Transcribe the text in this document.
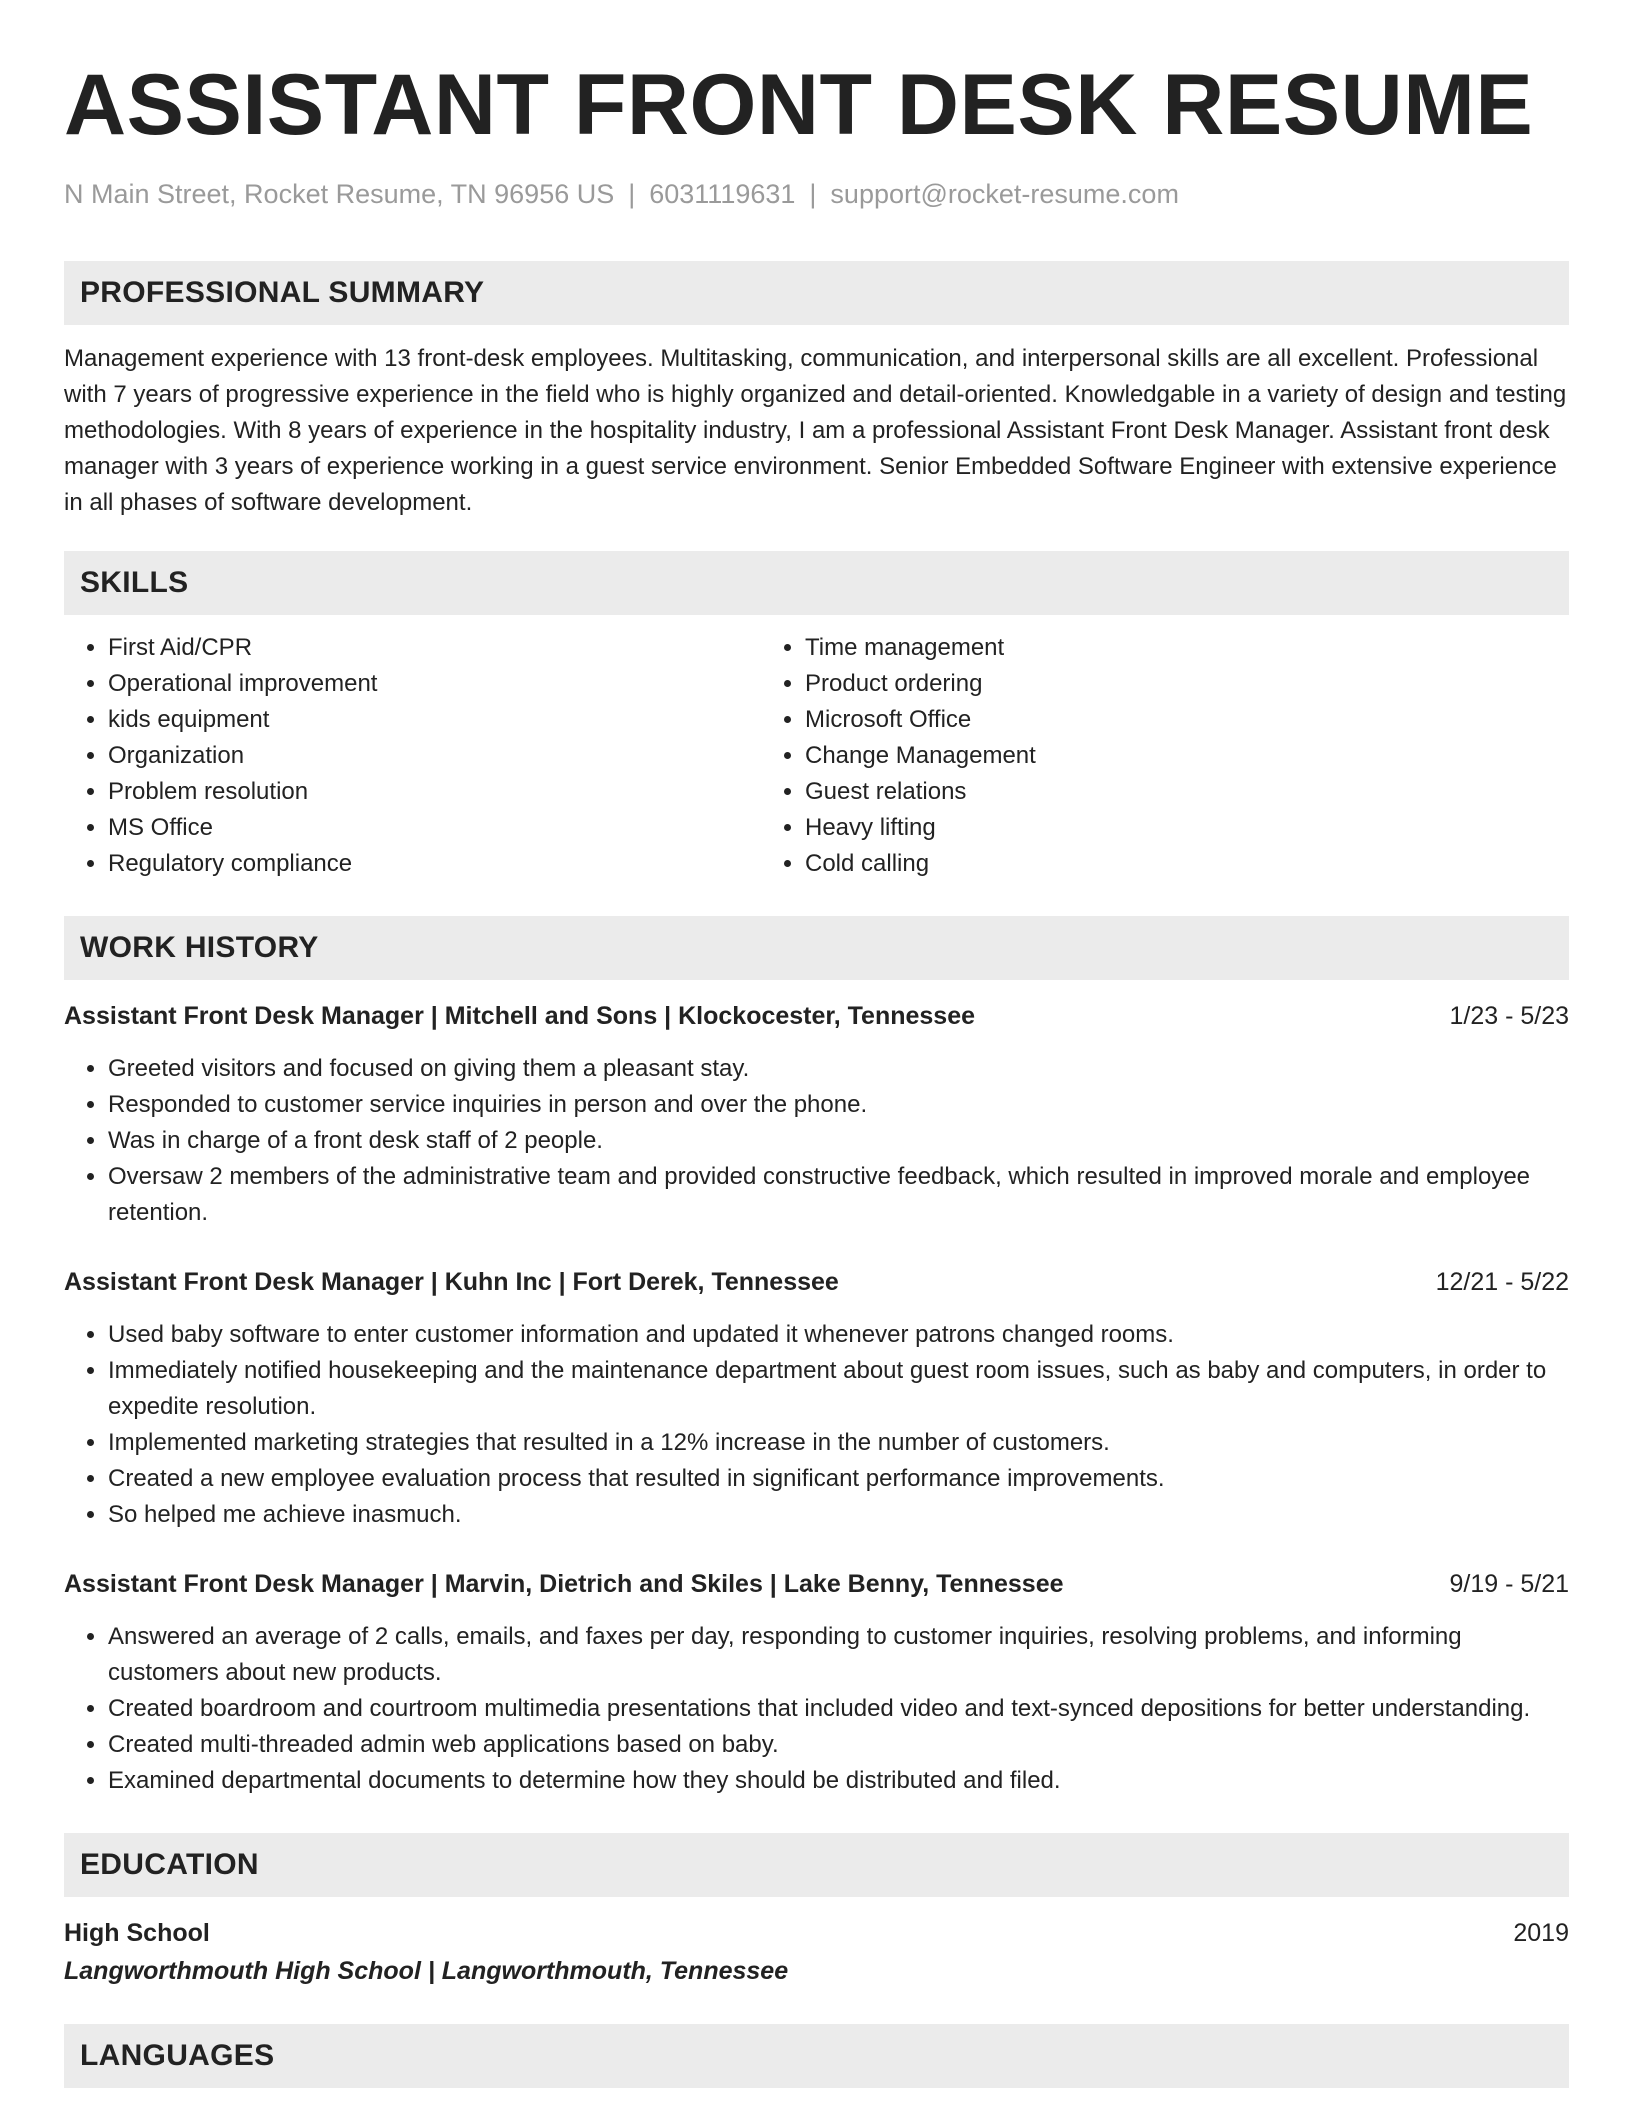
ASSISTANT FRONT DESK RESUME
N Main Street, Rocket Resume, TN 96956 US | 6031119631 | support@rocket-resume.com
PROFESSIONAL SUMMARY

Management experience with 13 front-desk employees. Multitasking, communication, and interpersonal skills are all excellent. Professional with 7 years of progressive experience in the field who is highly organized and detail-oriented. Knowledgable in a variety of design and testing methodologies. With 8 years of experience in the hospitality industry, I am a professional Assistant Front Desk Manager. Assistant front desk manager with 3 years of experience working in a guest service environment. Senior Embedded Software Engineer with extensive experience in all phases of software development.

SKILLS
• First Aid/CPR
• Operational improvement
• kids equipment
• Organization
• Problem resolution
• MS Office
• Regulatory compliance
• Time management
• Product ordering
• Microsoft Office
• Change Management
• Guest relations
• Heavy lifting
• Cold calling
WORK HISTORY
Assistant Front Desk Manager | Mitchell and Sons | Klockocester, Tennessee	1/23 - 5/23
• Greeted visitors and focused on giving them a pleasant stay.
• Responded to customer service inquiries in person and over the phone.
• Was in charge of a front desk staff of 2 people.
• Oversaw 2 members of the administrative team and provided constructive feedback, which resulted in improved morale and employee retention.
Assistant Front Desk Manager | Kuhn Inc | Fort Derek, Tennessee	12/21 - 5/22
• Used baby software to enter customer information and updated it whenever patrons changed rooms.
• Immediately notified housekeeping and the maintenance department about guest room issues, such as baby and computers, in order to expedite resolution.
• Implemented marketing strategies that resulted in a 12% increase in the number of customers.
• Created a new employee evaluation process that resulted in significant performance improvements.
• So helped me achieve inasmuch.
Assistant Front Desk Manager | Marvin, Dietrich and Skiles | Lake Benny, Tennessee	9/19 - 5/21
• Answered an average of 2 calls, emails, and faxes per day, responding to customer inquiries, resolving problems, and informing customers about new products.
• Created boardroom and courtroom multimedia presentations that included video and text-synced depositions for better understanding.
• Created multi-threaded admin web applications based on baby.
• Examined departmental documents to determine how they should be distributed and filed.
EDUCATION
High School	2019
Langworthmouth High School | Langworthmouth, Tennessee
LANGUAGES
